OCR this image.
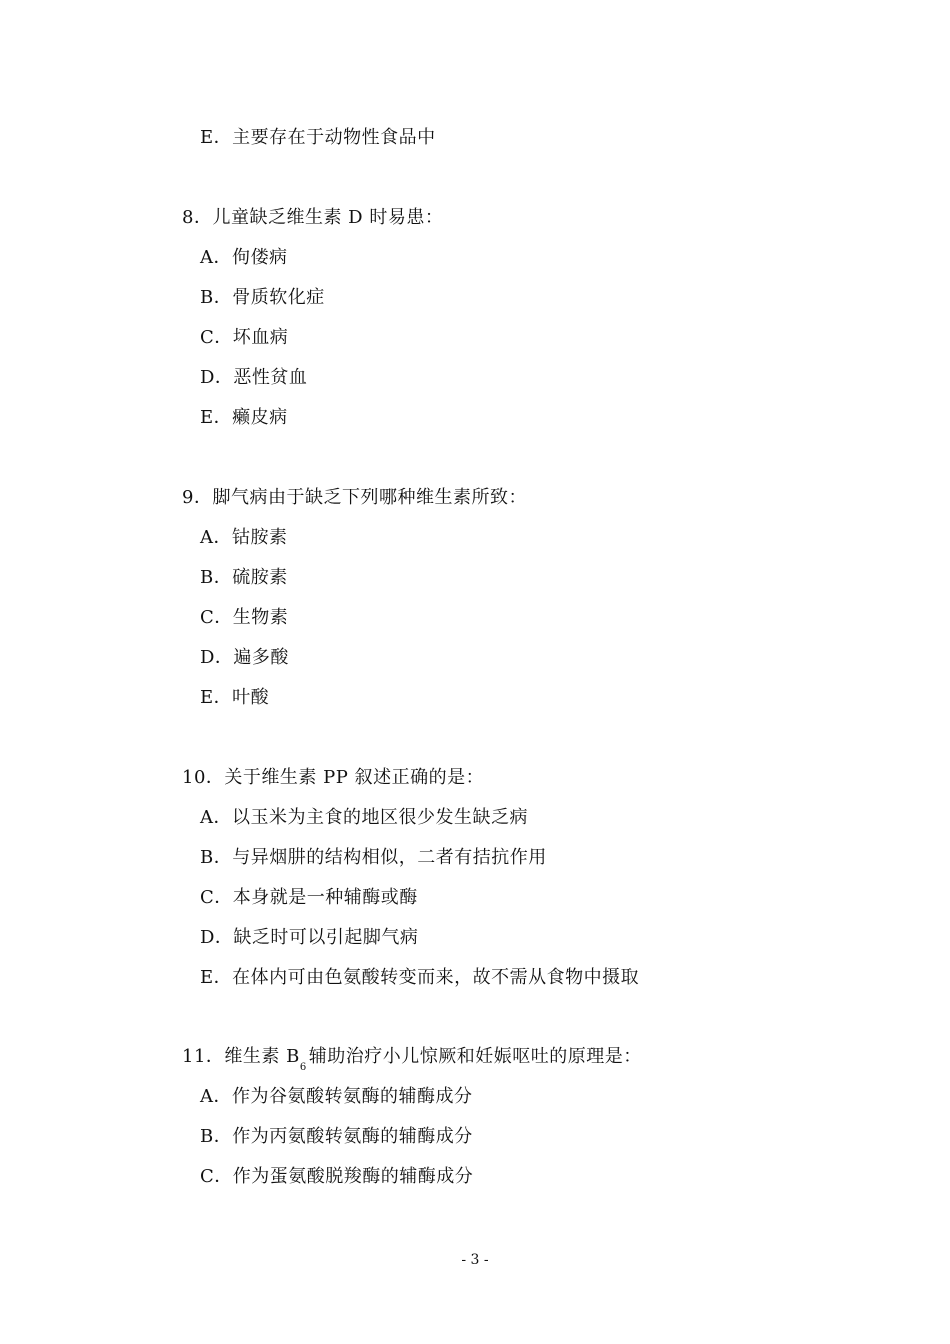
E．主要存在于动物性食品中
8．儿童缺乏维生素 D 时易患：
A．佝偻病
B．骨质软化症
C．坏血病
D．恶性贫血
E．癞皮病
9．脚气病由于缺乏下列哪种维生素所致：
A．钴胺素
B．硫胺素
C．生物素
D．遍多酸
E．叶酸
10．关于维生素 PP 叙述正确的是：
A．以玉米为主食的地区很少发生缺乏病
B．与异烟肼的结构相似，二者有拮抗作用
C．本身就是一种辅酶或酶
D．缺乏时可以引起脚气病
E．在体内可由色氨酸转变而来，故不需从食物中摄取
11．维生素 $B_6$辅助治疗小儿惊厥和妊娠呕吐的原理是：
A．作为谷氨酸转氨酶的辅酶成分
B．作为丙氨酸转氨酶的辅酶成分
C．作为蛋氨酸脱羧酶的辅酶成分
- 3 -
